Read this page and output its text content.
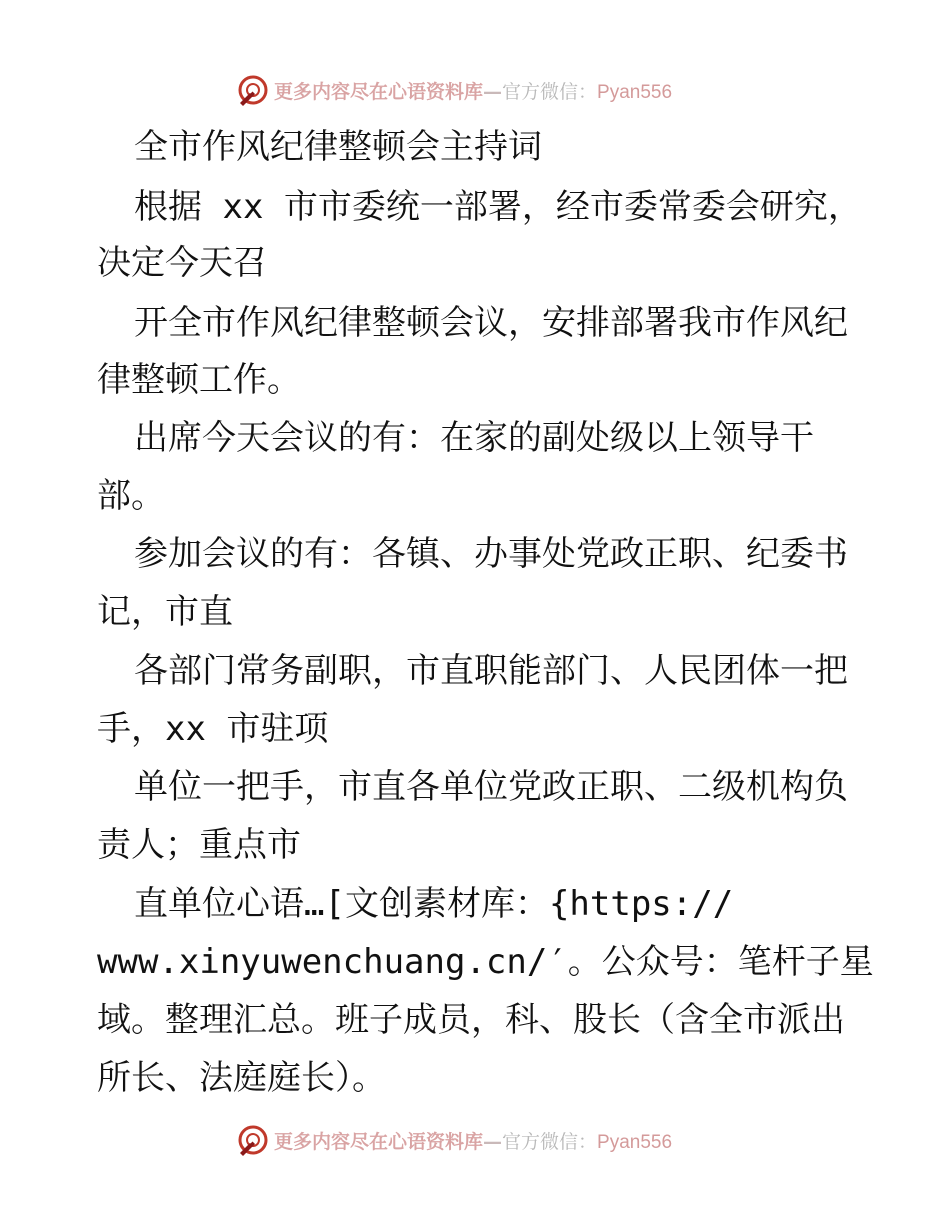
更多内容尽在心语资料库—官方微信：Pyan556
全市作风纪律整顿会主持词
根据 xx 市市委统一部署，经市委常委会研究，
决定今天召
开全市作风纪律整顿会议，安排部署我市作风纪
律整顿工作。
出席今天会议的有：在家的副处级以上领导干
部。
参加会议的有：各镇、办事处党政正职、纪委书
记，市直
各部门常务副职，市直职能部门、人民团体一把
手，xx 市驻项
单位一把手，市直各单位党政正职、二级机构负
责人；重点市
直单位心语…[文创素材库：{https://
www.xinyuwenchuang.cn/′。公众号：笔杆子星
域。整理汇总。班子成员，科、股长（含全市派出
所长、法庭庭长）。
更多内容尽在心语资料库—官方微信：Pyan556
